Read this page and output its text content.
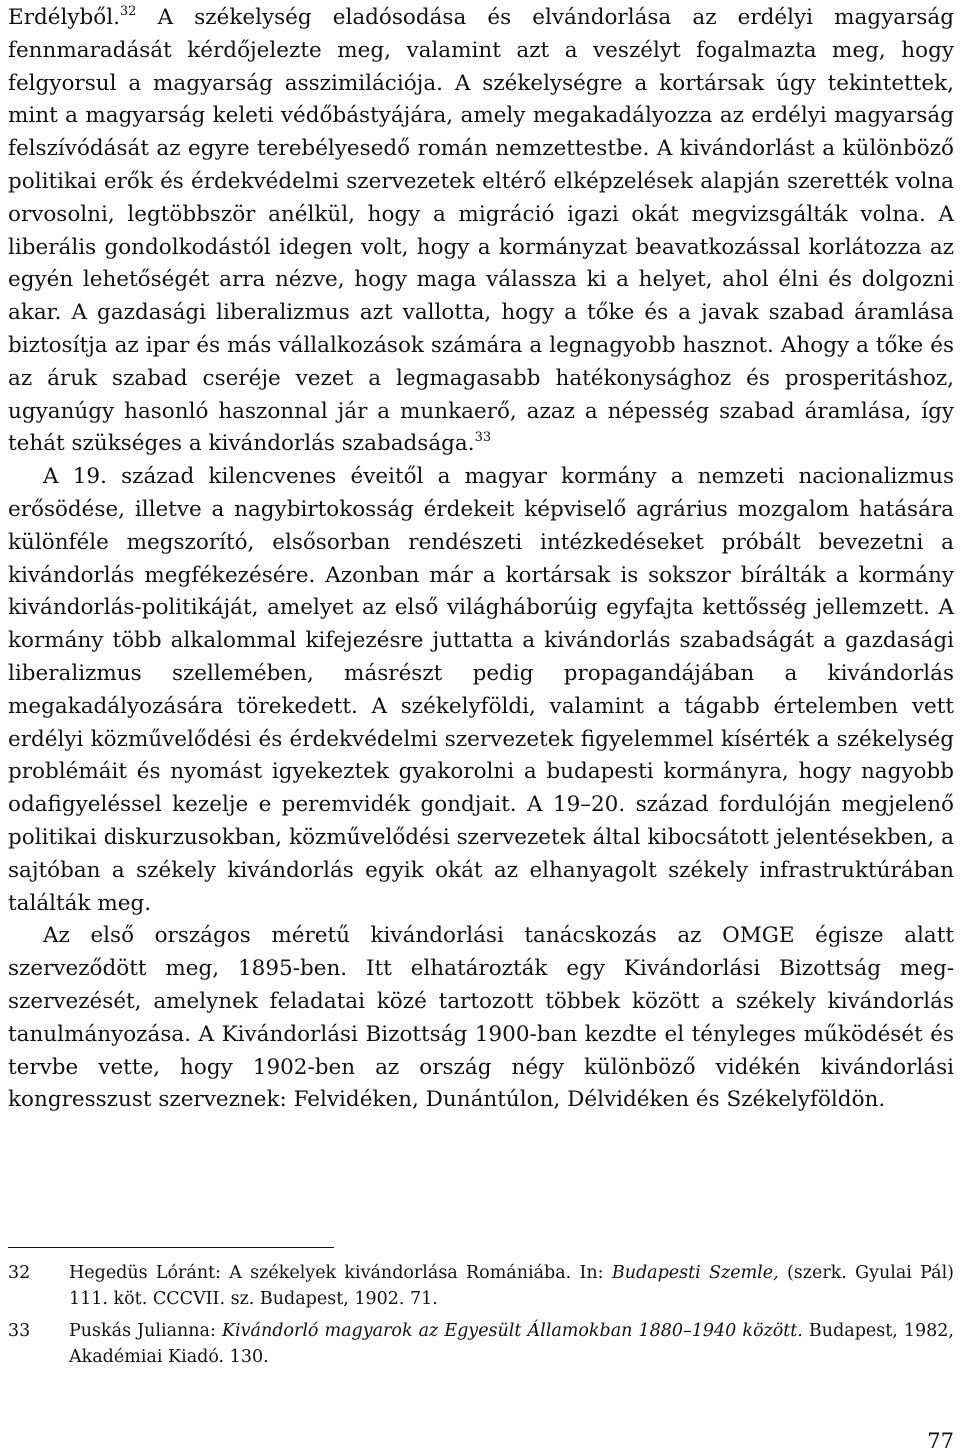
Erdélyből.$^{32}$ A székelység eladósodása és elvándorlása az erdélyi magyarság fennmaradását kérdőjelezte meg, valamint azt a veszélyt fogalmazta meg, hogy felgyorsul a magyarság asszimilációja. A székelységre a kortársak úgy tekintettek, mint a magyarság keleti védőbástyájára, amely megakadályozza az erdélyi magyarság felszívódását az egyre terebélyesedő román nemzettestbe. A kivándorlást a különböző politikai erők és érdekvédelmi szervezetek eltérő elképzelések alapján szerették volna orvosolni, legtöbbször anélkül, hogy a migráció igazi okát megvizsgálták volna. A liberális gondolkodástól idegen volt, hogy a kormányzat beavatkozással korlátozza az egyén lehetőségét arra nézve, hogy maga válassza ki a helyet, ahol élni és dolgozni akar. A gazdasági liberalizmus azt vallotta, hogy a tőke és a javak szabad áramlása biztosítja az ipar és más vállalkozások számára a legnagyobb hasznot. Ahogy a tőke és az áruk szabad cseréje vezet a legmagasabb hatékonysághoz és prosperitáshoz, ugyanúgy hasonló haszonnal jár a munkaerő, azaz a népesség szabad áramlása, így tehát szükséges a kivándorlás szabadsága.$^{33}$

A 19. század kilencvenes éveitől a magyar kormány a nemzeti nacionalizmus erősödése, illetve a nagybirtokosság érdekeit képviselő agrárius mozgalom hatására különféle megszorító, elsősorban rendészeti intézkedéseket próbált bevezetni a kivándorlás megfékezésére. Azonban már a kortársak is sokszor bírálták a kormány kivándorlás-politikáját, amelyet az első világháborúig egyfajta kettősség jellemzett. A kormány több alkalommal kifejezésre juttatta a kivándorlás szabadságát a gazdasági liberalizmus szellemében, másrészt pedig propagandájában a kivándorlás megakadályozására törekedett. A székelyföldi, valamint a tágabb értelemben vett erdélyi közművelődési és érdekvédelmi szervezetek figyelemmel kísérték a székelység problémáit és nyomást igyekeztek gyakorolni a budapesti kormányra, hogy nagyobb odafigyeléssel kezelje e peremvidék gondjait. A 19–20. század fordulóján megjelenő politikai diskurzusokban, közművelődési szervezetek által kibocsátott jelentésekben, a sajtóban a székely kivándorlás egyik okát az elhanyagolt székely infrastruktúrában találták meg.

Az első országos méretű kivándorlási tanácskozás az OMGE égisze alatt szerveződött meg, 1895-ben. Itt elhatározták egy Kivándorlási Bizottság megszervezését, amelynek feladatai közé tartozott többek között a székely kivándorlás tanulmányozása. A Kivándorlási Bizottság 1900-ban kezdte el tényleges működését és tervbe vette, hogy 1902-ben az ország négy különböző vidékén kivándorlási kongresszust szerveznek: Felvidéken, Dunántúlon, Délvidéken és Székelyföldön.

32	Hegedüs Lóránt: A székelyek kivándorlása Romániába. In: Budapesti Szemle, (szerk. Gyulai Pál) 111. köt. CCCVII. sz. Budapest, 1902. 71.
33	Puskás Julianna: Kivándorló magyarok az Egyesült Államokban 1880–1940 között. Budapest, 1982, Akadémiai Kiadó. 130.
77
